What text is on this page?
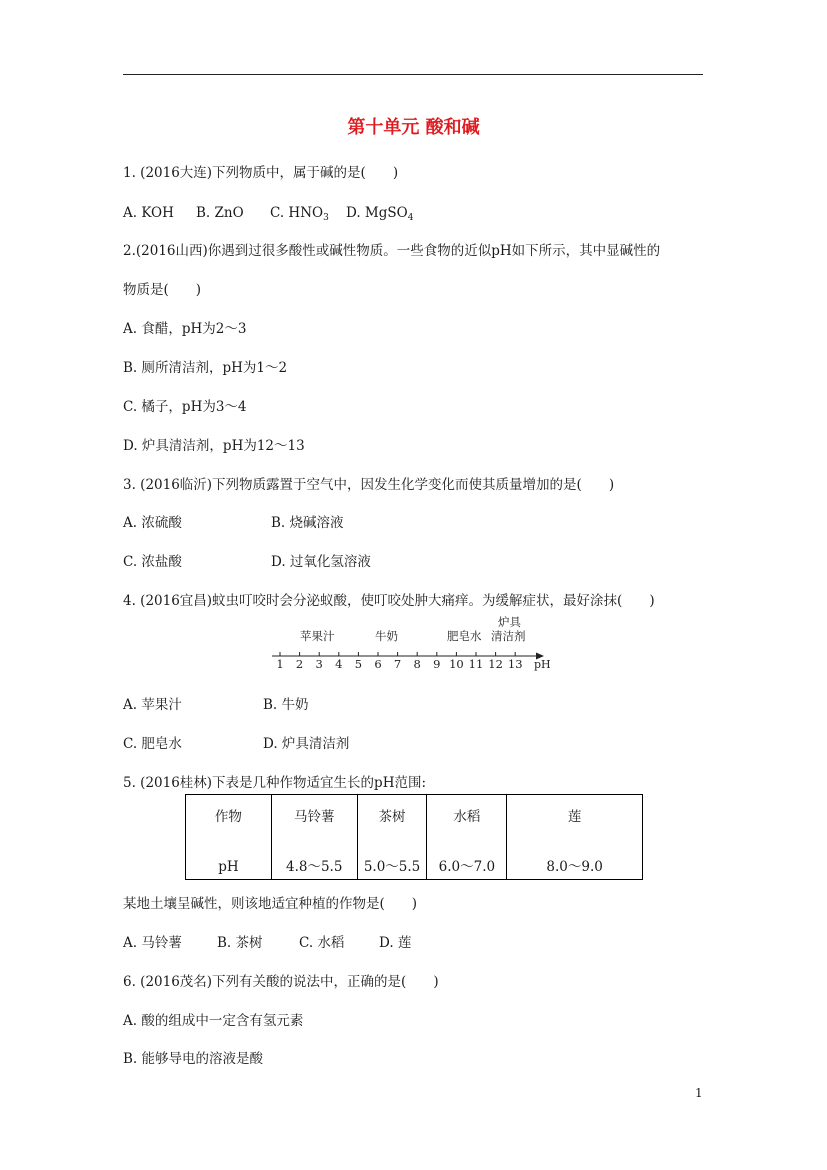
第十单元 酸和碱
1. (2016大连)下列物质中，属于碱的是(　　)
A. KOH B. ZnO C. $HNO_3$ D. MgSO$_4$
2.(2016山西)你遇到过很多酸性或碱性物质。一些食物的近似pH如下所示，其中显碱性的
物质是(　　)
A. 食醋，pH为2～3
B. 厕所清洁剂，pH为1～2
C. 橘子，pH为3～4
D. 炉具清洁剂，pH为12～13
3. (2016临沂)下列物质露置于空气中，因发生化学变化而使其质量增加的是(　　)
A. 浓硫酸	B. 烧碱溶液
C. 浓盐酸	D. 过氧化氢溶液
4. (2016宜昌)蚊虫叮咬时会分泌蚁酸，使叮咬处肿大痛痒。为缓解症状，最好涂抹(　　)
1 2 3 4 5 6 7 8 9 10 11 12 13
苹果汁	牛奶	肥皂水
炉具
清洁剂
pH
A. 苹果汁	B. 牛奶
C. 肥皂水	D. 炉具清洁剂
5. (2016桂林)下表是几种作物适宜生长的pH范围:
作物	马铃薯	茶树	水稻	莲
pH	4.8～5.5	5.0～5.5	6.0～7.0	8.0～9.0
某地土壤呈碱性，则该地适宜种植的作物是(　　)
A. 马铃薯	B. 茶树	C. 水稻	D. 莲
6. (2016茂名)下列有关酸的说法中，正确的是(　　)
A. 酸的组成中一定含有氢元素
B. 能够导电的溶液是酸
1
